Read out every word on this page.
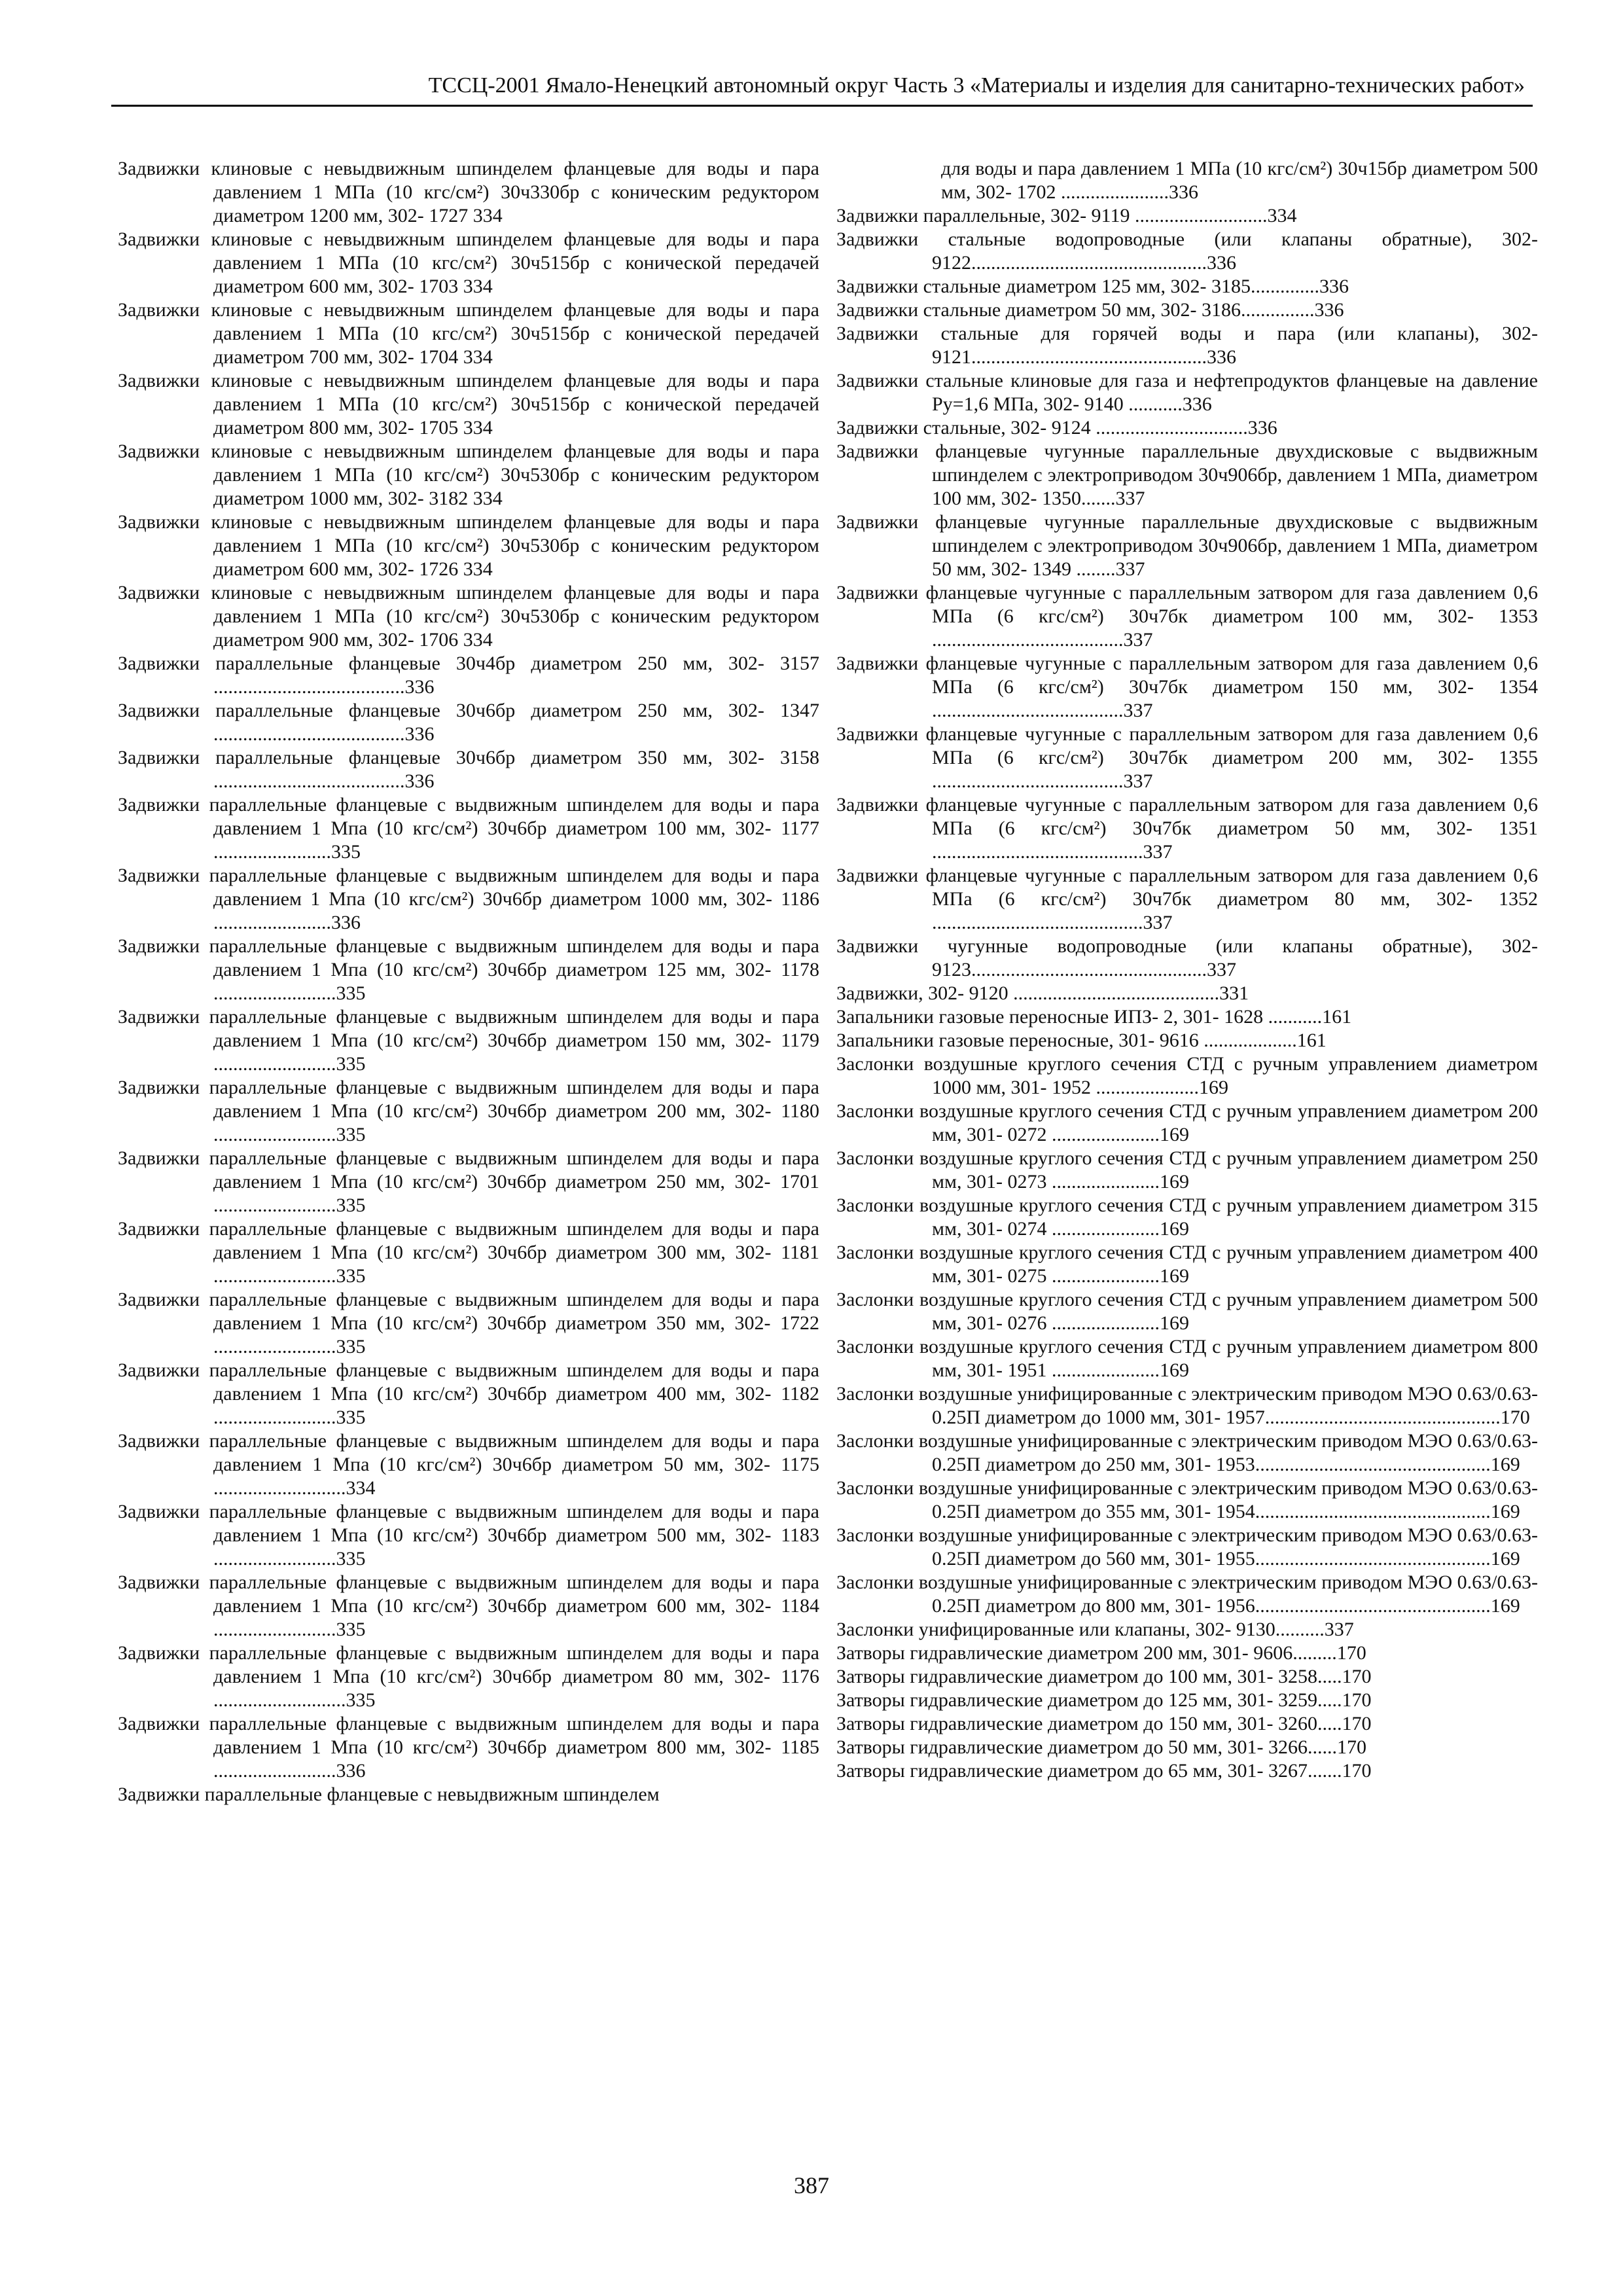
ТССЦ-2001 Ямало-Ненецкий автономный округ Часть 3 «Материалы и изделия для санитарно-технических работ»

Задвижки клиновые с невыдвижным шпинделем фланцевые для воды и пара давлением 1 МПа (10 кгс/см²) 30ч330бр с коническим редуктором диаметром 1200 мм, 302- 1727 334

Задвижки клиновые с невыдвижным шпинделем фланцевые для воды и пара давлением 1 МПа (10 кгс/см²) 30ч515бр с конической передачей диаметром 600 мм, 302- 1703 334

Задвижки клиновые с невыдвижным шпинделем фланцевые для воды и пара давлением 1 МПа (10 кгс/см²) 30ч515бр с конической передачей диаметром 700 мм, 302- 1704 334

Задвижки клиновые с невыдвижным шпинделем фланцевые для воды и пара давлением 1 МПа (10 кгс/см²) 30ч515бр с конической передачей диаметром 800 мм, 302- 1705 334

Задвижки клиновые с невыдвижным шпинделем фланцевые для воды и пара давлением 1 МПа (10 кгс/см²) 30ч530бр с коническим редуктором диаметром 1000 мм, 302- 3182 334

Задвижки клиновые с невыдвижным шпинделем фланцевые для воды и пара давлением 1 МПа (10 кгс/см²) 30ч530бр с коническим редуктором диаметром 600 мм, 302- 1726 334

Задвижки клиновые с невыдвижным шпинделем фланцевые для воды и пара давлением 1 МПа (10 кгс/см²) 30ч530бр с коническим редуктором диаметром 900 мм, 302- 1706 334

Задвижки параллельные фланцевые 30ч4бр диаметром 250 мм, 302- 3157 .......................................336

Задвижки параллельные фланцевые 30ч6бр диаметром 250 мм, 302- 1347 .......................................336

Задвижки параллельные фланцевые 30ч6бр диаметром 350 мм, 302- 3158 .......................................336

Задвижки параллельные фланцевые с выдвижным шпинделем для воды и пара давлением 1 Мпа (10 кгс/см²) 30ч6бр диаметром 100 мм, 302- 1177 ........................335

Задвижки параллельные фланцевые с выдвижным шпинделем для воды и пара давлением 1 Мпа (10 кгс/см²) 30ч6бр диаметром 1000 мм, 302- 1186 ........................336

Задвижки параллельные фланцевые с выдвижным шпинделем для воды и пара давлением 1 Мпа (10 кгс/см²) 30ч6бр диаметром 125 мм, 302- 1178 .........................335

Задвижки параллельные фланцевые с выдвижным шпинделем для воды и пара давлением 1 Мпа (10 кгс/см²) 30ч6бр диаметром 150 мм, 302- 1179 .........................335

Задвижки параллельные фланцевые с выдвижным шпинделем для воды и пара давлением 1 Мпа (10 кгс/см²) 30ч6бр диаметром 200 мм, 302- 1180 .........................335

Задвижки параллельные фланцевые с выдвижным шпинделем для воды и пара давлением 1 Мпа (10 кгс/см²) 30ч6бр диаметром 250 мм, 302- 1701 .........................335

Задвижки параллельные фланцевые с выдвижным шпинделем для воды и пара давлением 1 Мпа (10 кгс/см²) 30ч6бр диаметром 300 мм, 302- 1181 .........................335

Задвижки параллельные фланцевые с выдвижным шпинделем для воды и пара давлением 1 Мпа (10 кгс/см²) 30ч6бр диаметром 350 мм, 302- 1722 .........................335

Задвижки параллельные фланцевые с выдвижным шпинделем для воды и пара давлением 1 Мпа (10 кгс/см²) 30ч6бр диаметром 400 мм, 302- 1182 .........................335

Задвижки параллельные фланцевые с выдвижным шпинделем для воды и пара давлением 1 Мпа (10 кгс/см²) 30ч6бр диаметром 50 мм, 302- 1175 ...........................334

Задвижки параллельные фланцевые с выдвижным шпинделем для воды и пара давлением 1 Мпа (10 кгс/см²) 30ч6бр диаметром 500 мм, 302- 1183 .........................335

Задвижки параллельные фланцевые с выдвижным шпинделем для воды и пара давлением 1 Мпа (10 кгс/см²) 30ч6бр диаметром 600 мм, 302- 1184 .........................335

Задвижки параллельные фланцевые с выдвижным шпинделем для воды и пара давлением 1 Мпа (10 кгс/см²) 30ч6бр диаметром 80 мм, 302- 1176 ...........................335

Задвижки параллельные фланцевые с выдвижным шпинделем для воды и пара давлением 1 Мпа (10 кгс/см²) 30ч6бр диаметром 800 мм, 302- 1185 .........................336

Задвижки параллельные фланцевые с невыдвижным шпинделем

для воды и пара давлением 1 МПа (10 кгс/см²) 30ч15бр диаметром 500 мм, 302- 1702 ......................336

Задвижки параллельные, 302- 9119 ...........................334

Задвижки стальные водопроводные (или клапаны обратные), 302- 9122................................................336

Задвижки стальные диаметром 125 мм, 302- 3185..............336

Задвижки стальные диаметром 50 мм, 302- 3186...............336

Задвижки стальные для горячей воды и пара (или клапаны), 302- 9121................................................336

Задвижки стальные клиновые для газа и нефтепродуктов фланцевые на давление Ру=1,6 МПа, 302- 9140 ...........336

Задвижки стальные, 302- 9124 ...............................336

Задвижки фланцевые чугунные параллельные двухдисковые с выдвижным шпинделем с электроприводом 30ч906бр, давлением 1 МПа, диаметром 100 мм, 302- 1350.......337

Задвижки фланцевые чугунные параллельные двухдисковые с выдвижным шпинделем с электроприводом 30ч906бр, давлением 1 МПа, диаметром 50 мм, 302- 1349 ........337

Задвижки фланцевые чугунные с параллельным затвором для газа давлением 0,6 МПа (6 кгс/см²) 30ч7бк диаметром 100 мм, 302- 1353 .......................................337

Задвижки фланцевые чугунные с параллельным затвором для газа давлением 0,6 МПа (6 кгс/см²) 30ч7бк диаметром 150 мм, 302- 1354 .......................................337

Задвижки фланцевые чугунные с параллельным затвором для газа давлением 0,6 МПа (6 кгс/см²) 30ч7бк диаметром 200 мм, 302- 1355 .......................................337

Задвижки фланцевые чугунные с параллельным затвором для газа давлением 0,6 МПа (6 кгс/см²) 30ч7бк диаметром 50 мм, 302- 1351 ...........................................337

Задвижки фланцевые чугунные с параллельным затвором для газа давлением 0,6 МПа (6 кгс/см²) 30ч7бк диаметром 80 мм, 302- 1352 ...........................................337

Задвижки чугунные водопроводные (или клапаны обратные), 302- 9123................................................337

Задвижки, 302- 9120 ..........................................331

Запальники газовые переносные ИПЗ- 2, 301- 1628 ...........161

Запальники газовые переносные, 301- 9616 ...................161

Заслонки воздушные круглого сечения СТД с ручным управлением диаметром 1000 мм, 301- 1952 .....................169

Заслонки воздушные круглого сечения СТД с ручным управлением диаметром 200 мм, 301- 0272 ......................169

Заслонки воздушные круглого сечения СТД с ручным управлением диаметром 250 мм, 301- 0273 ......................169

Заслонки воздушные круглого сечения СТД с ручным управлением диаметром 315 мм, 301- 0274 ......................169

Заслонки воздушные круглого сечения СТД с ручным управлением диаметром 400 мм, 301- 0275 ......................169

Заслонки воздушные круглого сечения СТД с ручным управлением диаметром 500 мм, 301- 0276 ......................169

Заслонки воздушные круглого сечения СТД с ручным управлением диаметром 800 мм, 301- 1951 ......................169

Заслонки воздушные унифицированные с электрическим приводом МЭО 0.63/0.63- 0.25П диаметром до 1000 мм, 301- 1957................................................170

Заслонки воздушные унифицированные с электрическим приводом МЭО 0.63/0.63- 0.25П диаметром до 250 мм, 301- 1953................................................169

Заслонки воздушные унифицированные с электрическим приводом МЭО 0.63/0.63- 0.25П диаметром до 355 мм, 301- 1954................................................169

Заслонки воздушные унифицированные с электрическим приводом МЭО 0.63/0.63- 0.25П диаметром до 560 мм, 301- 1955................................................169

Заслонки воздушные унифицированные с электрическим приводом МЭО 0.63/0.63- 0.25П диаметром до 800 мм, 301- 1956................................................169

Заслонки унифицированные или клапаны, 302- 9130..........337

Затворы гидравлические диаметром 200 мм, 301- 9606.........170

Затворы гидравлические диаметром до 100 мм, 301- 3258.....170

Затворы гидравлические диаметром до 125 мм, 301- 3259.....170

Затворы гидравлические диаметром до 150 мм, 301- 3260.....170

Затворы гидравлические диаметром до 50 мм, 301- 3266......170

Затворы гидравлические диаметром до 65 мм, 301- 3267.......170

387
